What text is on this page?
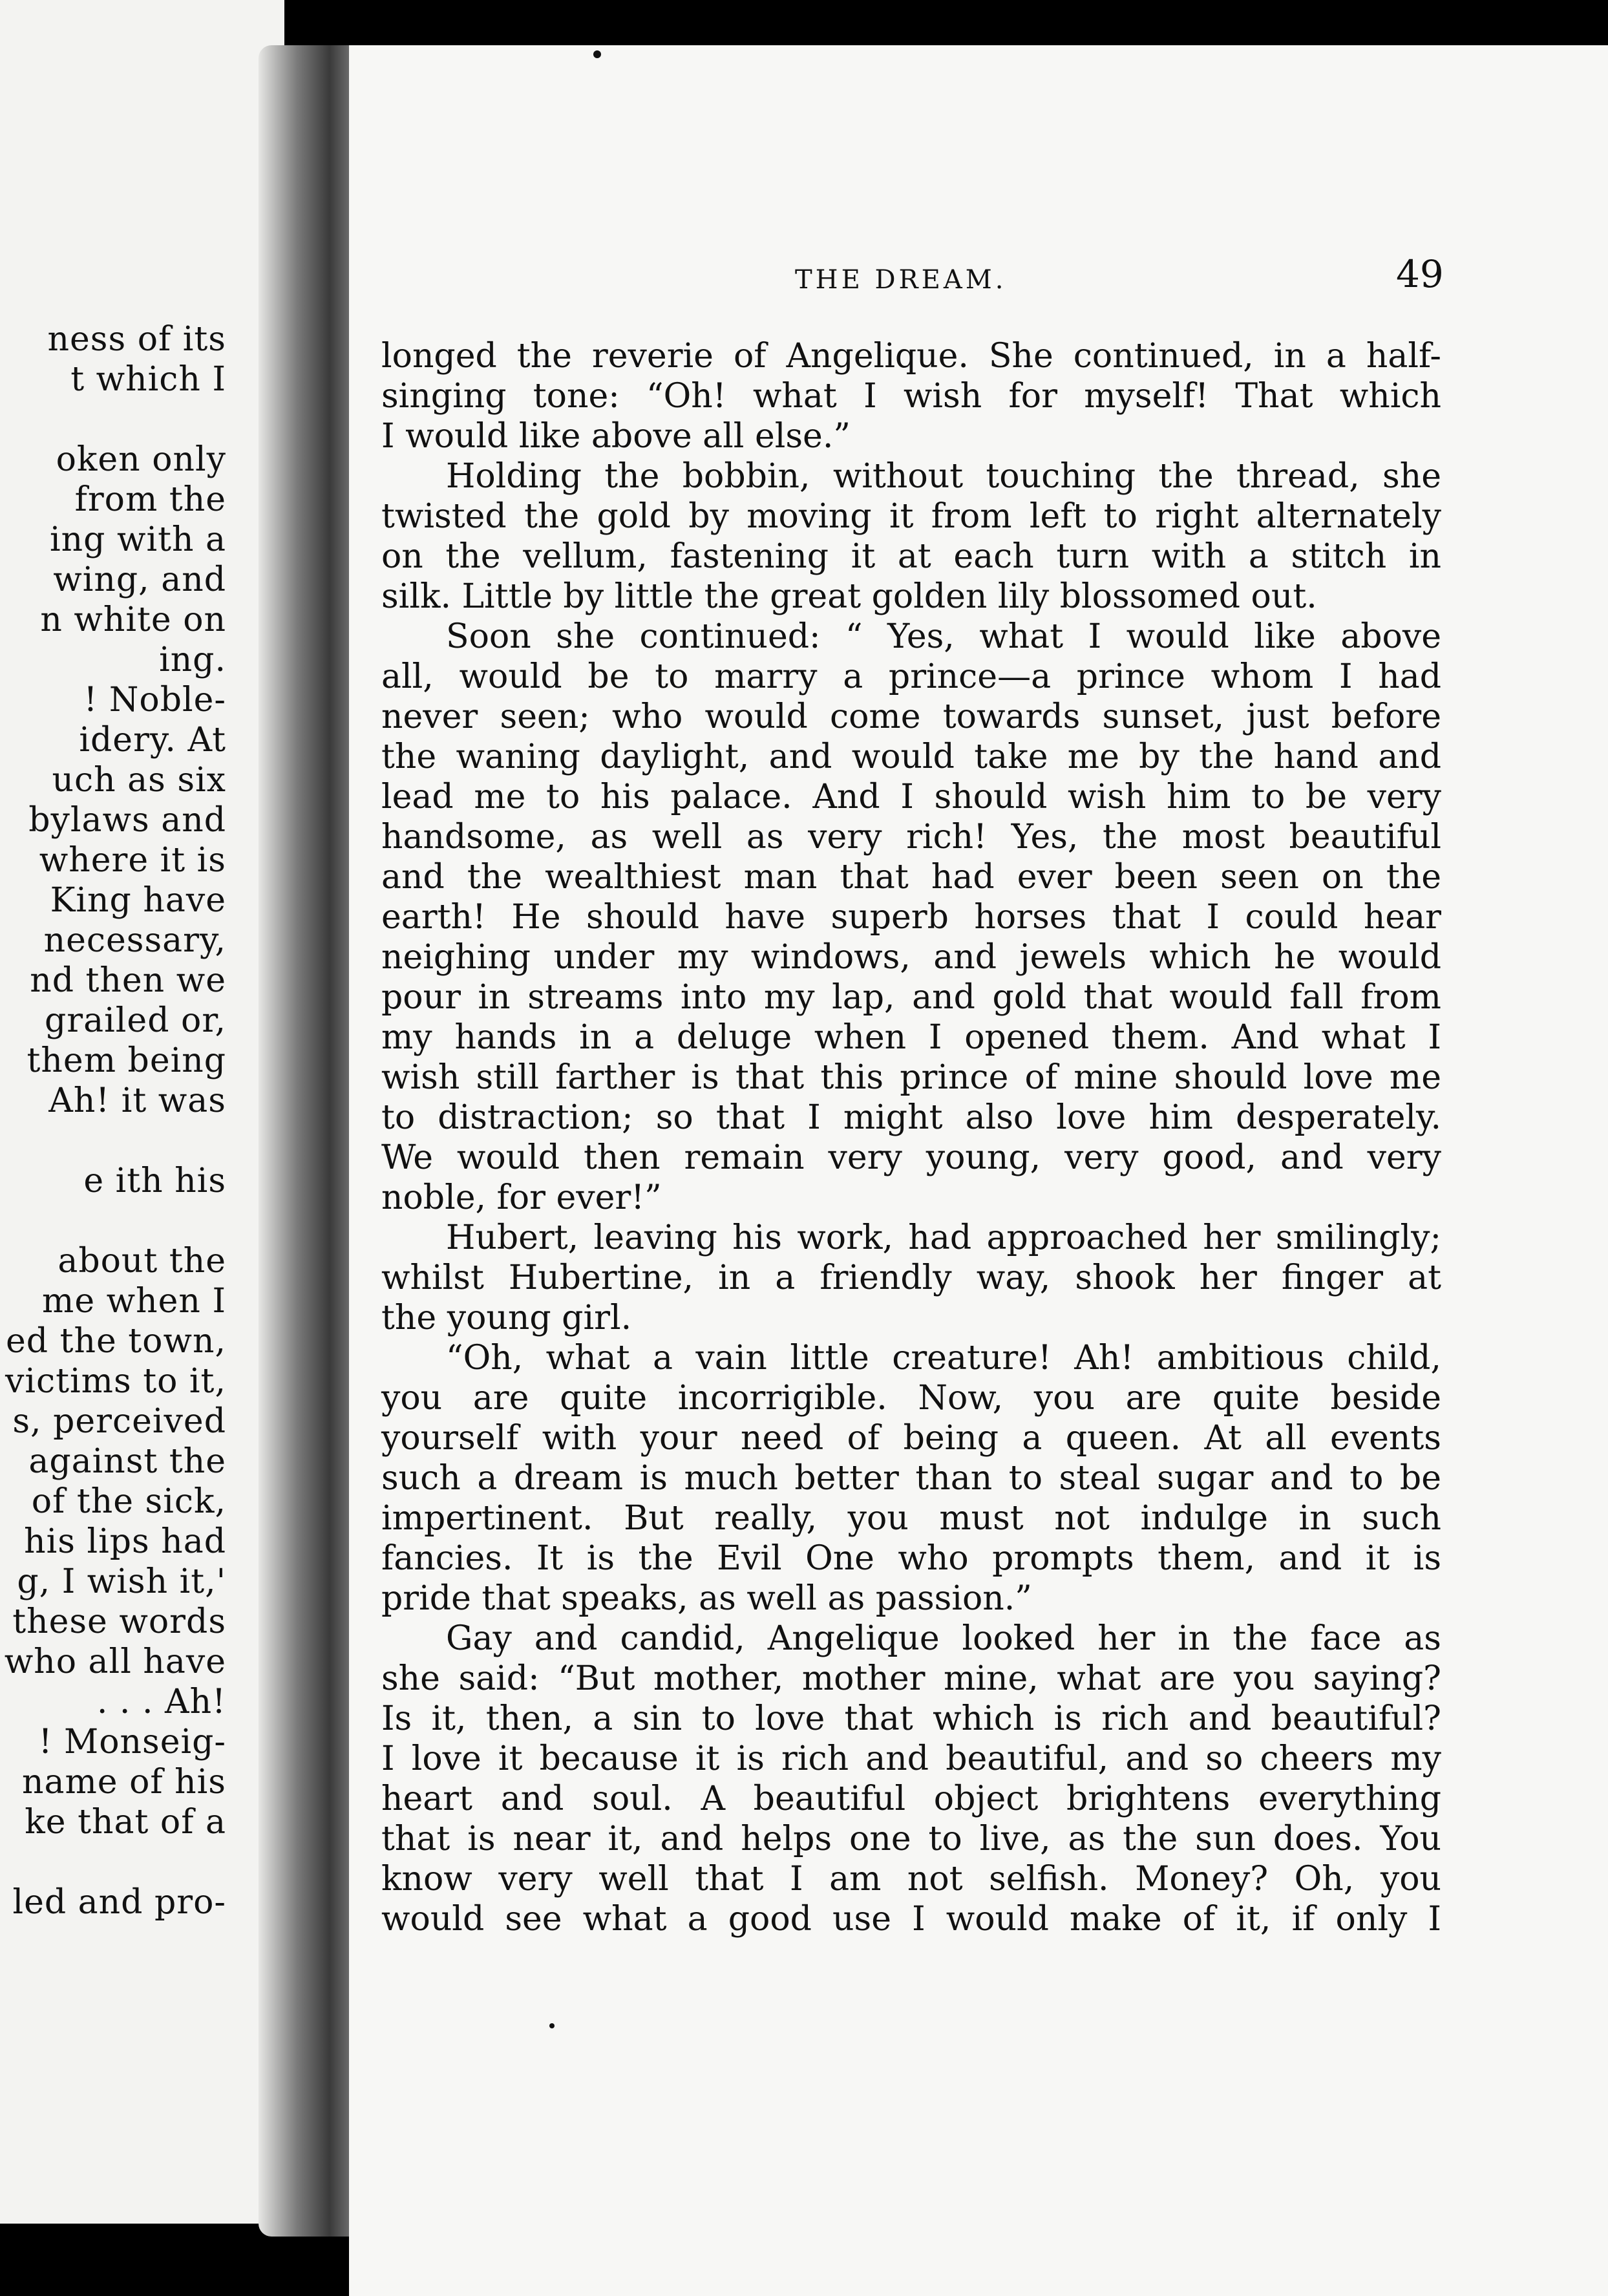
ness of its
t which I
oken only
from the
ing with a
wing, and
n white on
ing.
! Noble-
idery. At
uch as six
bylaws and
where it is
King have
necessary,
nd then we
grailed or,
them being
Ah! it was
e ith his
about the
me when I
ed the town,
victims to it,
s, perceived
against the
of the sick,
his lips had
g, I wish it,'
these words
who all have
. . . Ah!
! Monseig-
name of his
ke that of a
led and pro-
THE DREAM.	49
longed the reverie of Angelique. She continued, in a half-
singing tone: “Oh! what I wish for myself! That which
I would like above all else.”
Holding the bobbin, without touching the thread, she
twisted the gold by moving it from left to right alternately
on the vellum, fastening it at each turn with a stitch in
silk. Little by little the great golden lily blossomed out.
Soon she continued: “ Yes, what I would like above
all, would be to marry a prince—a prince whom I had
never seen; who would come towards sunset, just before
the waning daylight, and would take me by the hand and
lead me to his palace. And I should wish him to be very
handsome, as well as very rich! Yes, the most beautiful
and the wealthiest man that had ever been seen on the
earth! He should have superb horses that I could hear
neighing under my windows, and jewels which he would
pour in streams into my lap, and gold that would fall from
my hands in a deluge when I opened them. And what I
wish still farther is that this prince of mine should love me
to distraction; so that I might also love him desperately.
We would then remain very young, very good, and very
noble, for ever!”
Hubert, leaving his work, had approached her smilingly;
whilst Hubertine, in a friendly way, shook her finger at
the young girl.
“Oh, what a vain little creature! Ah! ambitious child,
you are quite incorrigible. Now, you are quite beside
yourself with your need of being a queen. At all events
such a dream is much better than to steal sugar and to be
impertinent. But really, you must not indulge in such
fancies. It is the Evil One who prompts them, and it is
pride that speaks, as well as passion.”
Gay and candid, Angelique looked her in the face as
she said: “But mother, mother mine, what are you saying?
Is it, then, a sin to love that which is rich and beautiful?
I love it because it is rich and beautiful, and so cheers my
heart and soul. A beautiful object brightens everything
that is near it, and helps one to live, as the sun does. You
know very well that I am not selfish. Money? Oh, you
would see what a good use I would make of it, if only I
